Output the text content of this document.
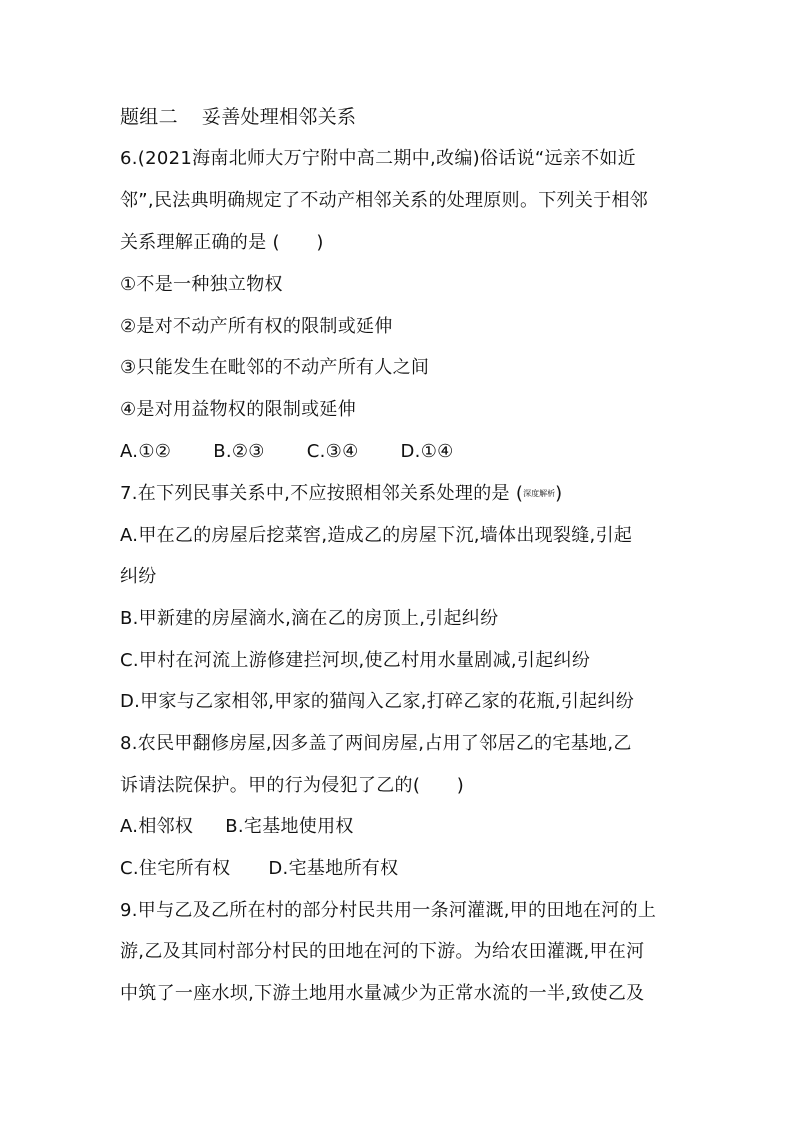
题组二 妥善处理相邻关系
6.(2021海南北师大万宁附中高二期中,改编)俗话说“远亲不如近
邻”,民法典明确规定了不动产相邻关系的处理原则。下列关于相邻
关系理解正确的是 (　　)
①不是一种独立物权
②是对不动产所有权的限制或延伸
③只能发生在毗邻的不动产所有人之间
④是对用益物权的限制或延伸
A.①② B.②③ C.③④ D.①④
7.在下列民事关系中,不应按照相邻关系处理的是 (深度解析)
A.甲在乙的房屋后挖菜窖,造成乙的房屋下沉,墙体出现裂缝,引起
纠纷
B.甲新建的房屋滴水,滴在乙的房顶上,引起纠纷
C.甲村在河流上游修建拦河坝,使乙村用水量剧减,引起纠纷
D.甲家与乙家相邻,甲家的猫闯入乙家,打碎乙家的花瓶,引起纠纷
8.农民甲翻修房屋,因多盖了两间房屋,占用了邻居乙的宅基地,乙
诉请法院保护。甲的行为侵犯了乙的(　　)
A.相邻权 B.宅基地使用权
C.住宅所有权 D.宅基地所有权
9.甲与乙及乙所在村的部分村民共用一条河灌溉,甲的田地在河的上
游,乙及其同村部分村民的田地在河的下游。为给农田灌溉,甲在河
中筑了一座水坝,下游土地用水量减少为正常水流的一半,致使乙及
